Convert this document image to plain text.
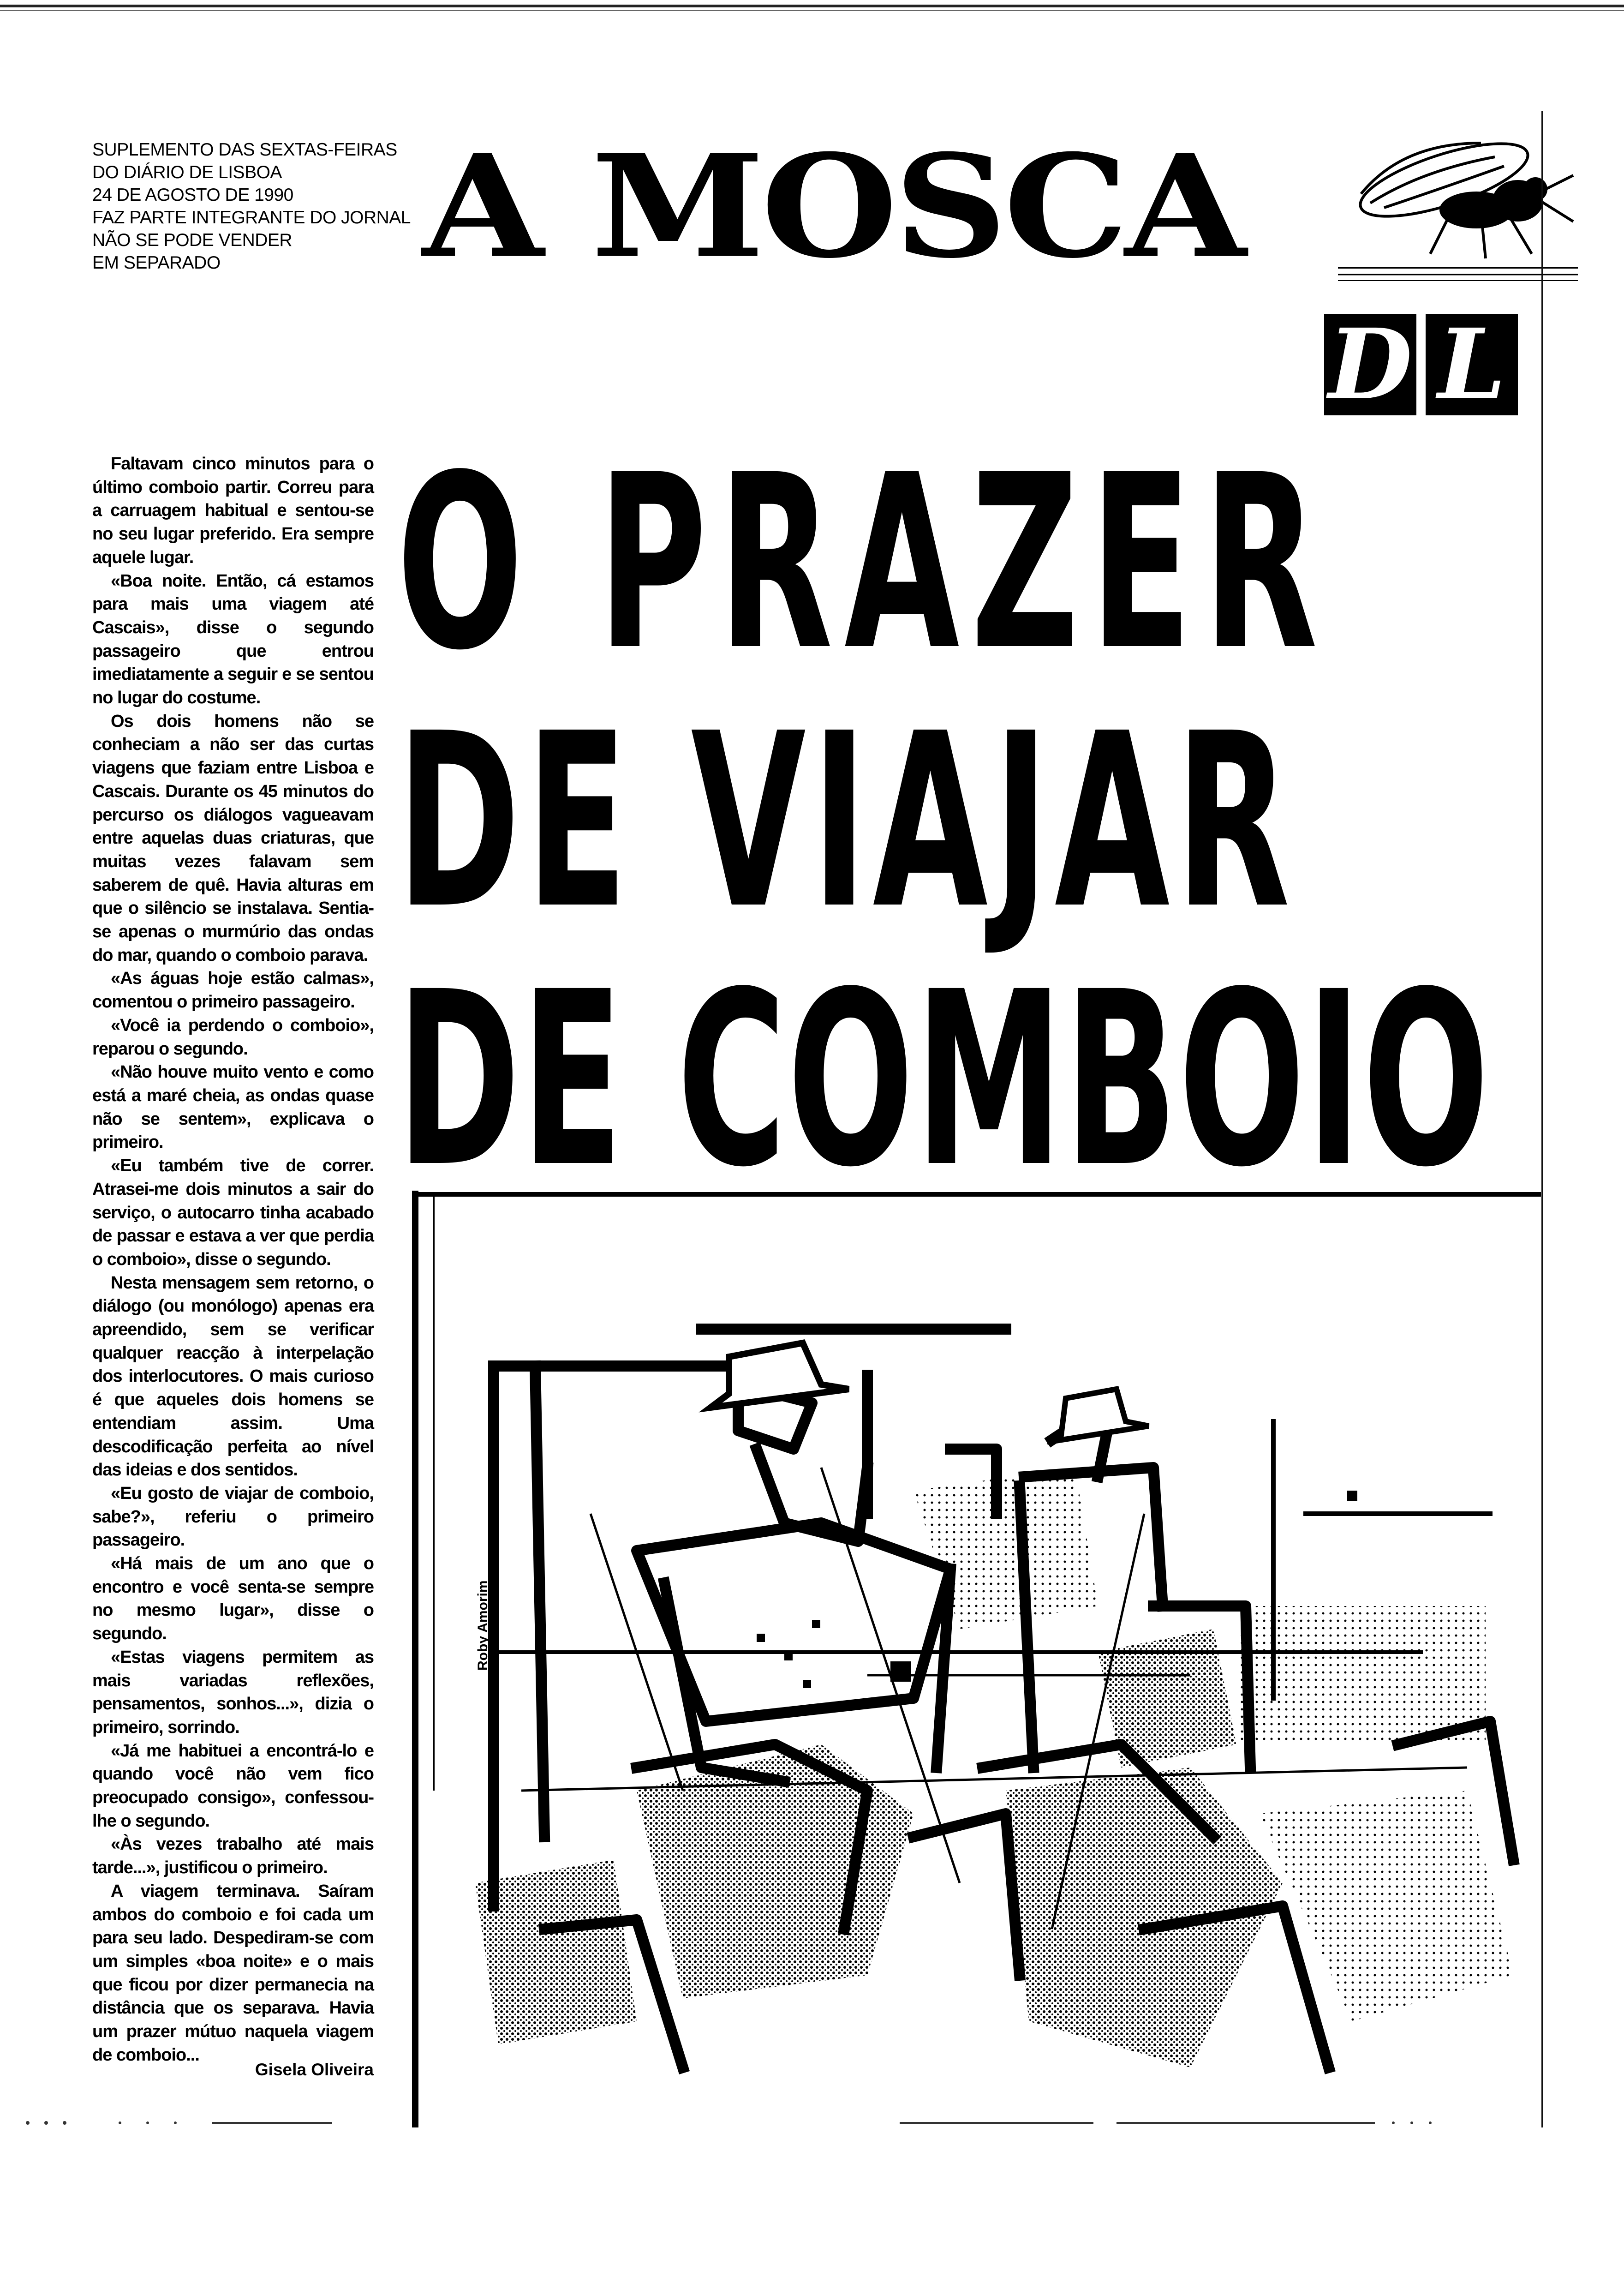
SUPLEMENTO DAS SEXTAS-FEIRAS
DO DIÁRIO DE LISBOA
24 DE AGOSTO DE 1990
FAZ PARTE INTEGRANTE DO JORNAL
NÃO SE PODE VENDER
EM SEPARADO	A MOSCA
D L
O PRAZER
DE VIAJAR
DE COMBOIO

Faltavam cinco minutos para o último comboio partir. Correu para a carruagem habitual e sentou-se no seu lugar preferido. Era sempre aquele lugar.

«Boa noite. Então, cá estamos para mais uma viagem até Cascais», disse o segundo passageiro que entrou imediatamente a seguir e se sentou no lugar do costume.

Os dois homens não se conheciam a não ser das curtas viagens que faziam entre Lisboa e Cascais. Durante os 45 minutos do percurso os diálogos vagueavam entre aquelas duas criaturas, que muitas vezes falavam sem saberem de quê. Havia alturas em que o silêncio se instalava. Sentia-se apenas o murmúrio das ondas do mar, quando o comboio parava.

«As águas hoje estão calmas», comentou o primeiro passageiro.

«Você ia perdendo o comboio», reparou o segundo.

«Não houve muito vento e como está a maré cheia, as ondas quase não se sentem», explicava o primeiro.

«Eu também tive de correr. Atrasei-me dois minutos a sair do serviço, o autocarro tinha acabado de passar e estava a ver que perdia o comboio», disse o segundo.

Nesta mensagem sem retorno, o diálogo (ou monólogo) apenas era apreendido, sem se verificar qualquer reacção à interpelação dos interlocutores. O mais curioso é que aqueles dois homens se entendiam assim. Uma descodificação perfeita ao nível das ideias e dos sentidos.

«Eu gosto de viajar de comboio, sabe?», referiu o primeiro passageiro.

«Há mais de um ano que o encontro e você senta-se sempre no mesmo lugar», disse o segundo.

«Estas viagens permitem as mais variadas reflexões, pensamentos, sonhos...», dizia o primeiro, sorrindo.

«Já me habituei a encontrá-lo e quando você não vem fico preocupado consigo», confessou-lhe o segundo.

«Às vezes trabalho até mais tarde...», justificou o primeiro.

A viagem terminava. Saíram ambos do comboio e foi cada um para seu lado. Despediram-se com um simples «boa noite» e o mais que ficou por dizer permanecia na distância que os separava. Havia um prazer mútuo naquela viagem de comboio...

Gisela Oliveira
Roby Amorim
